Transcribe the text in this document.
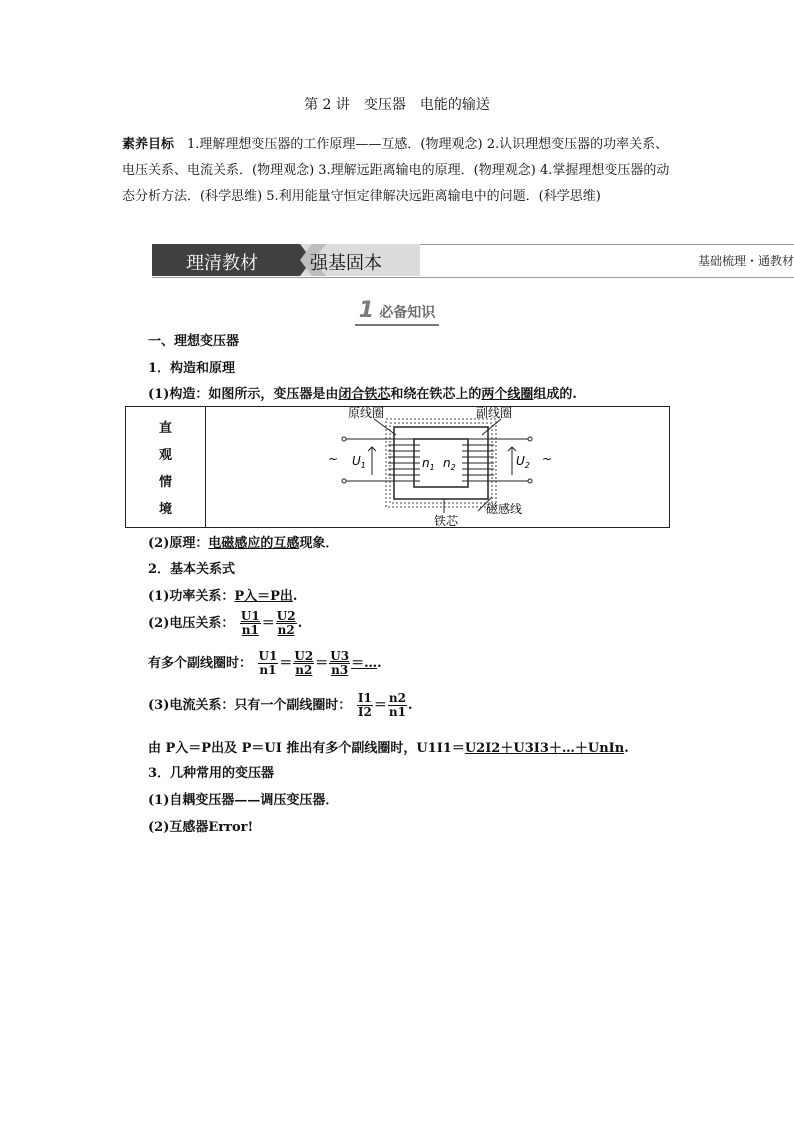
第 2 讲　变压器　电能的输送
素养目标　1.理解理想变压器的工作原理——互感．(物理观念) 2.认识理想变压器的功率关系、电压关系、电流关系．(物理观念) 3.理解远距离输电的原理．(物理观念) 4.掌握理想变压器的动态分析方法．(科学思维) 5.利用能量守恒定律解决远距离输电中的问题．(科学思维)
理清教材	强基固本	基础梳理・通教材
1 必备知识
一、理想变压器
1．构造和原理
(1)构造：如图所示，变压器是由闭合铁芯和绕在铁芯上的两个线圈组成的.
直
观
情
境
~	~
原线圈	副线圈
铁芯
磁感线
$U_1$	$U_2$
$n_1$ $n_2$
(2)原理：电磁感应的互感现象．
2．基本关系式
(1)功率关系：P入＝P出.
(2)电压关系： $\frac{U1}{n1} = \frac{U2}{n2}$ .
有多个副线圈时： $\frac{U1}{n1} = \frac{U2}{n2} = \frac{U3}{n3}$ ＝….
(3)电流关系：只有一个副线圈时： $\frac{I1}{I2} = \frac{n2}{n1}$ .
由 P入＝P出及 P＝UI 推出有多个副线圈时，U1I1＝U2I2＋U3I3＋…＋UnIn.
3．几种常用的变压器
(1)自耦变压器——调压变压器．
(2)互感器Error!
